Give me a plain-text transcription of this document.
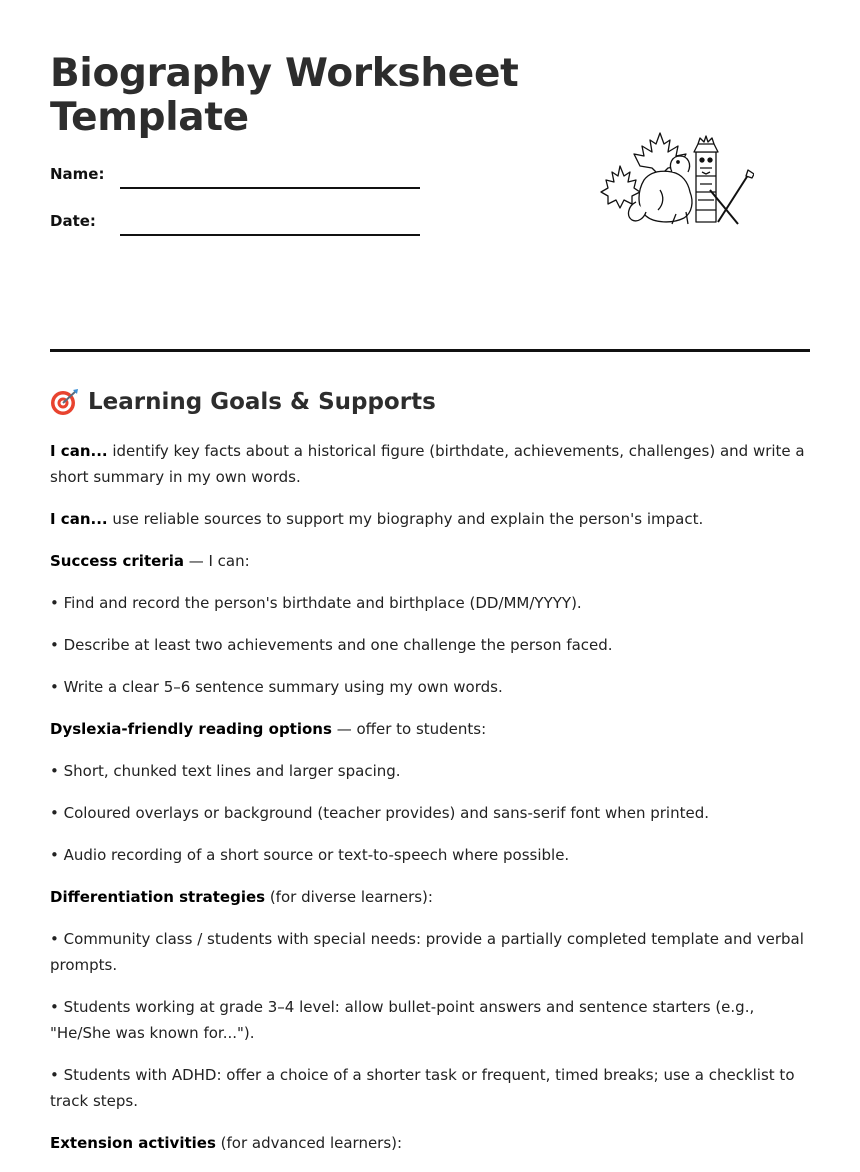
Biography Worksheet
Template
Name:
Date:
Learning Goals & Supports

I can... identify key facts about a historical figure (birthdate, achievements, challenges) and write a short summary in my own words.

I can... use reliable sources to support my biography and explain the person's impact.

Success criteria — I can:

• Find and record the person's birthdate and birthplace (DD/MM/YYYY).

• Describe at least two achievements and one challenge the person faced.

• Write a clear 5–6 sentence summary using my own words.

Dyslexia-friendly reading options — offer to students:

• Short, chunked text lines and larger spacing.

• Coloured overlays or background (teacher provides) and sans-serif font when printed.

• Audio recording of a short source or text-to-speech where possible.

Differentiation strategies (for diverse learners):

• Community class / students with special needs: provide a partially completed template and verbal prompts.

• Students working at grade 3–4 level: allow bullet-point answers and sentence starters (e.g., "He/She was known for...").

• Students with ADHD: offer a choice of a shorter task or frequent, timed breaks; use a checklist to track steps.

Extension activities (for advanced learners):
